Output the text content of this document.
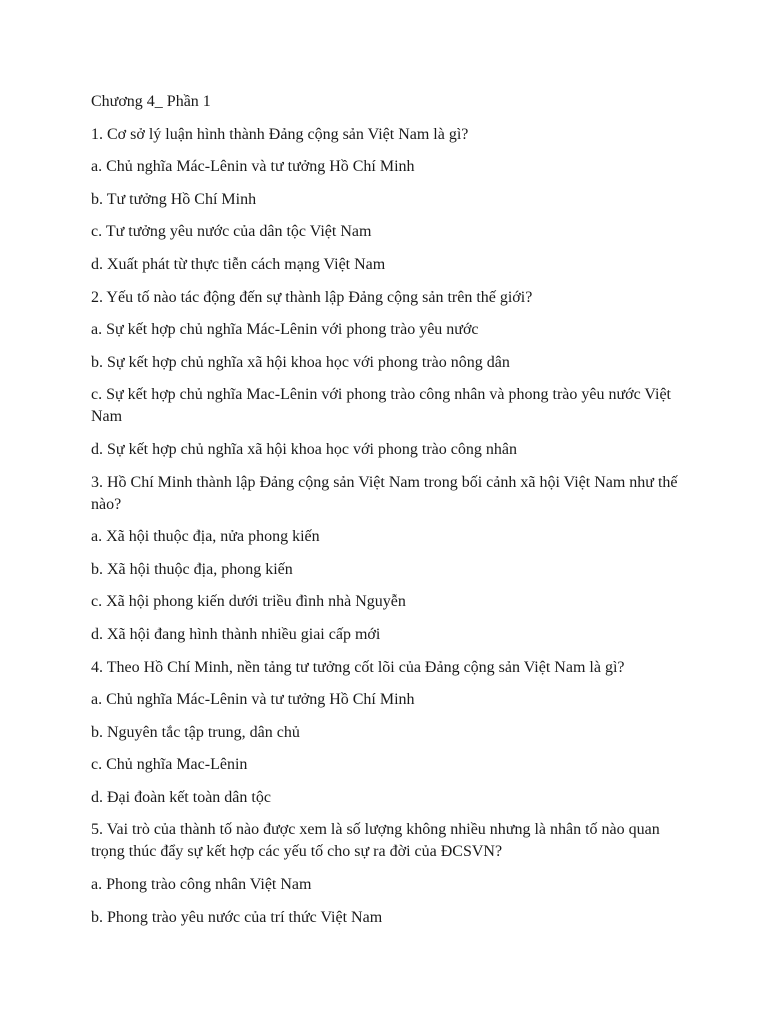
Chương 4_ Phần 1

1. Cơ sở lý luận hình thành Đảng cộng sản Việt Nam là gì?

a. Chủ nghĩa Mác-Lênin và tư tưởng Hồ Chí Minh

b. Tư tưởng Hồ Chí Minh

c. Tư tưởng yêu nước của dân tộc Việt Nam

d. Xuất phát từ thực tiễn cách mạng Việt Nam

2. Yếu tố nào tác động đến sự thành lập Đảng cộng sản trên thế giới?

a. Sự kết hợp chủ nghĩa Mác-Lênin với phong trào yêu nước

b. Sự kết hợp chủ nghĩa xã hội khoa học với phong trào nông dân

c. Sự kết hợp chủ nghĩa Mac-Lênin với phong trào công nhân và phong trào yêu nước Việt Nam

d. Sự kết hợp chủ nghĩa xã hội khoa học với phong trào công nhân

3. Hồ Chí Minh thành lập Đảng cộng sản Việt Nam trong bối cảnh xã hội Việt Nam như thế nào?

a. Xã hội thuộc địa, nửa phong kiến

b. Xã hội thuộc địa, phong kiến

c. Xã hội phong kiến dưới triều đình nhà Nguyễn

d. Xã hội đang hình thành nhiều giai cấp mới

4. Theo Hồ Chí Minh, nền tảng tư tưởng cốt lõi của Đảng cộng sản Việt Nam là gì?

a. Chủ nghĩa Mác-Lênin và tư tưởng Hồ Chí Minh

b. Nguyên tắc tập trung, dân chủ

c. Chủ nghĩa Mac-Lênin

d. Đại đoàn kết toàn dân tộc

5. Vai trò của thành tố nào được xem là số lượng không nhiều nhưng là nhân tố nào quan trọng thúc đẩy sự kết hợp các yếu tố cho sự ra đời của ĐCSVN?

a. Phong trào công nhân Việt Nam

b. Phong trào yêu nước của trí thức Việt Nam
